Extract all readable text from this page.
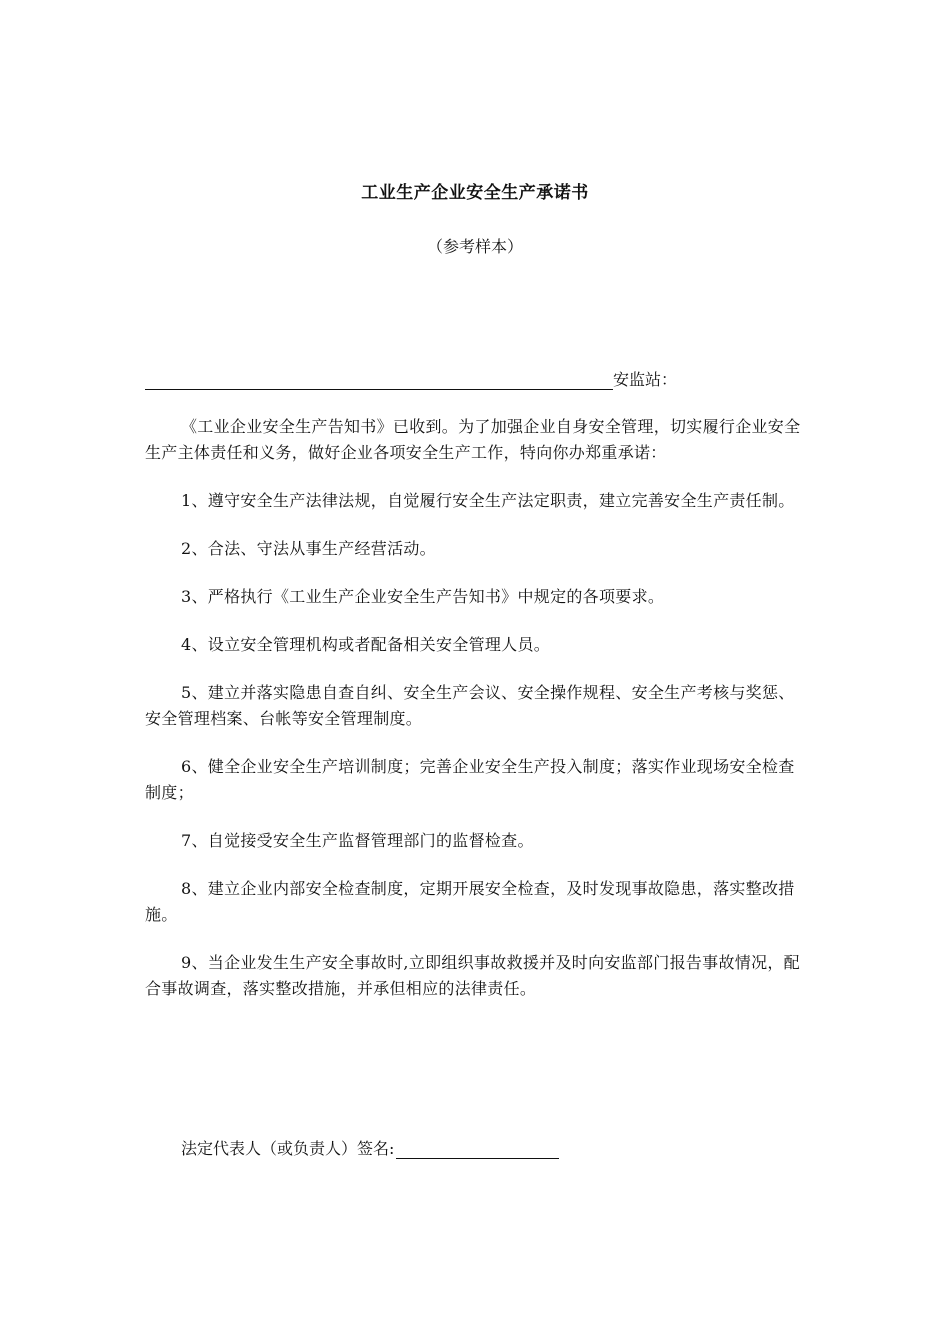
工业生产企业安全生产承诺书
（参考样本）
安监站：

《工业企业安全生产告知书》已收到。为了加强企业自身安全管理，切实履行企业安全生产主体责任和义务，做好企业各项安全生产工作，特向你办郑重承诺：

1、遵守安全生产法律法规，自觉履行安全生产法定职责，建立完善安全生产责任制。

2、合法、守法从事生产经营活动。

3、严格执行《工业生产企业安全生产告知书》中规定的各项要求。

4、设立安全管理机构或者配备相关安全管理人员。

5、建立并落实隐患自查自纠、安全生产会议、安全操作规程、安全生产考核与奖惩、安全管理档案、台帐等安全管理制度。

6、健全企业安全生产培训制度；完善企业安全生产投入制度；落实作业现场安全检查制度；

7、自觉接受安全生产监督管理部门的监督检查。

8、建立企业内部安全检查制度，定期开展安全检查，及时发现事故隐患，落实整改措施。

9、当企业发生生产安全事故时,立即组织事故救援并及时向安监部门报告事故情况，配合事故调查，落实整改措施，并承但相应的法律责任。

法定代表人（或负责人）签名:
